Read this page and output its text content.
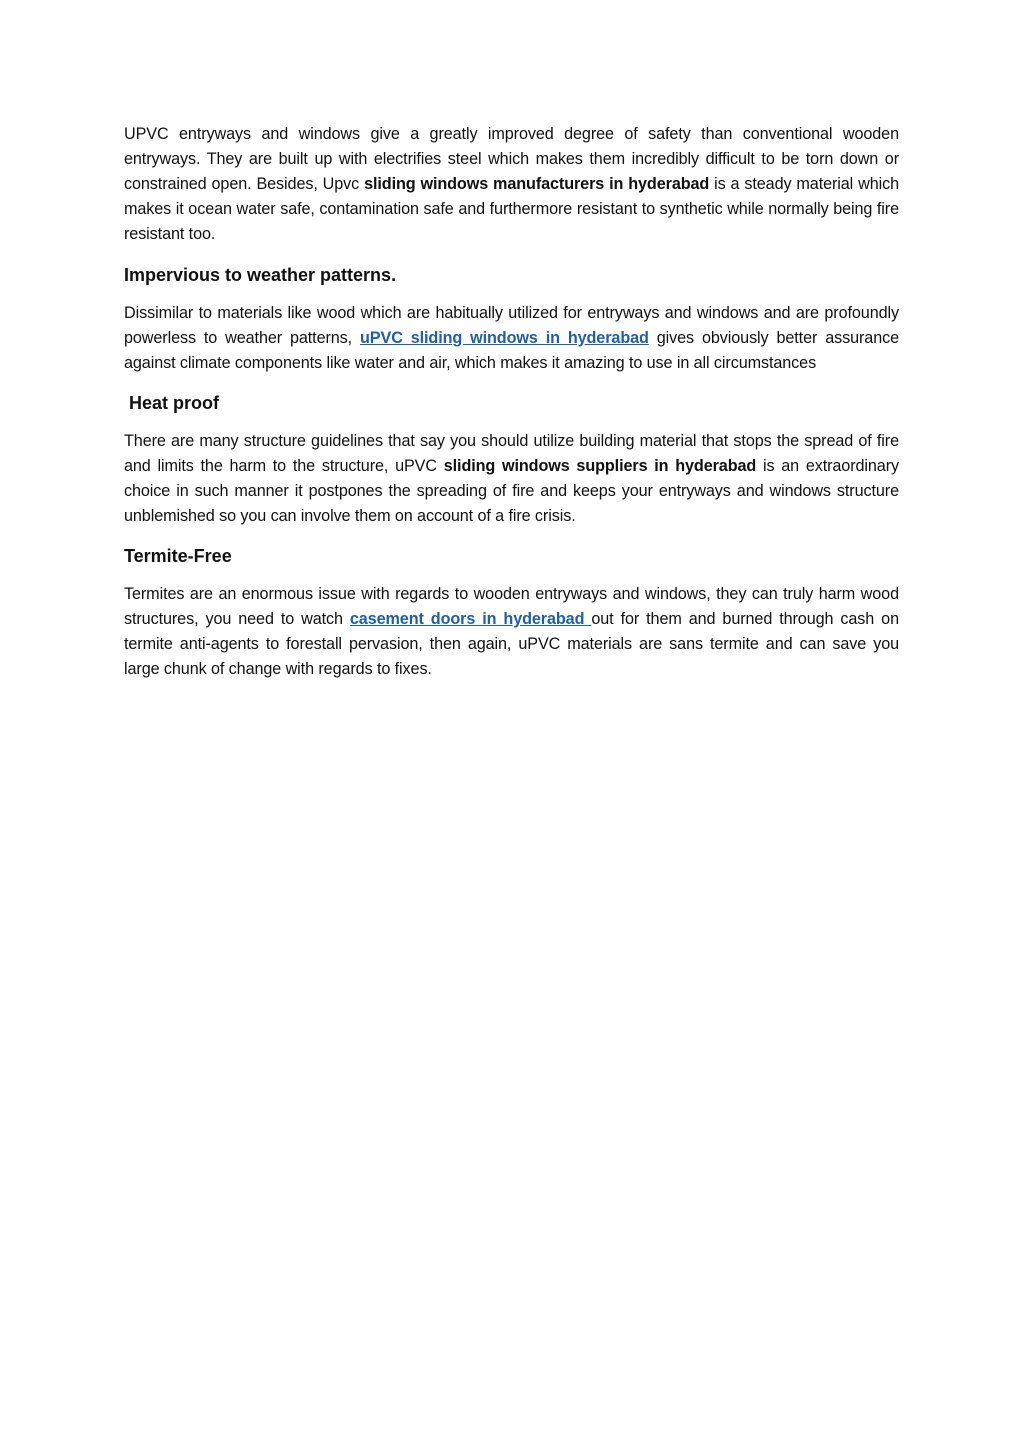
UPVC entryways and windows give a greatly improved degree of safety than conventional wooden entryways. They are built up with electrifies steel which makes them incredibly difficult to be torn down or constrained open. Besides, Upvc sliding windows manufacturers in hyderabad is a steady material which makes it ocean water safe, contamination safe and furthermore resistant to synthetic while normally being fire resistant too.

Impervious to weather patterns.

Dissimilar to materials like wood which are habitually utilized for entryways and windows and are profoundly powerless to weather patterns, uPVC sliding windows in hyderabad gives obviously better assurance against climate components like water and air, which makes it amazing to use in all circumstances

Heat proof

There are many structure guidelines that say you should utilize building material that stops the spread of fire and limits the harm to the structure, uPVC sliding windows suppliers in hyderabad is an extraordinary choice in such manner it postpones the spreading of fire and keeps your entryways and windows structure unblemished so you can involve them on account of a fire crisis.

Termite-Free

Termites are an enormous issue with regards to wooden entryways and windows, they can truly harm wood structures, you need to watch casement doors in hyderabad out for them and burned through cash on termite anti-agents to forestall pervasion, then again, uPVC materials are sans termite and can save you large chunk of change with regards to fixes.
